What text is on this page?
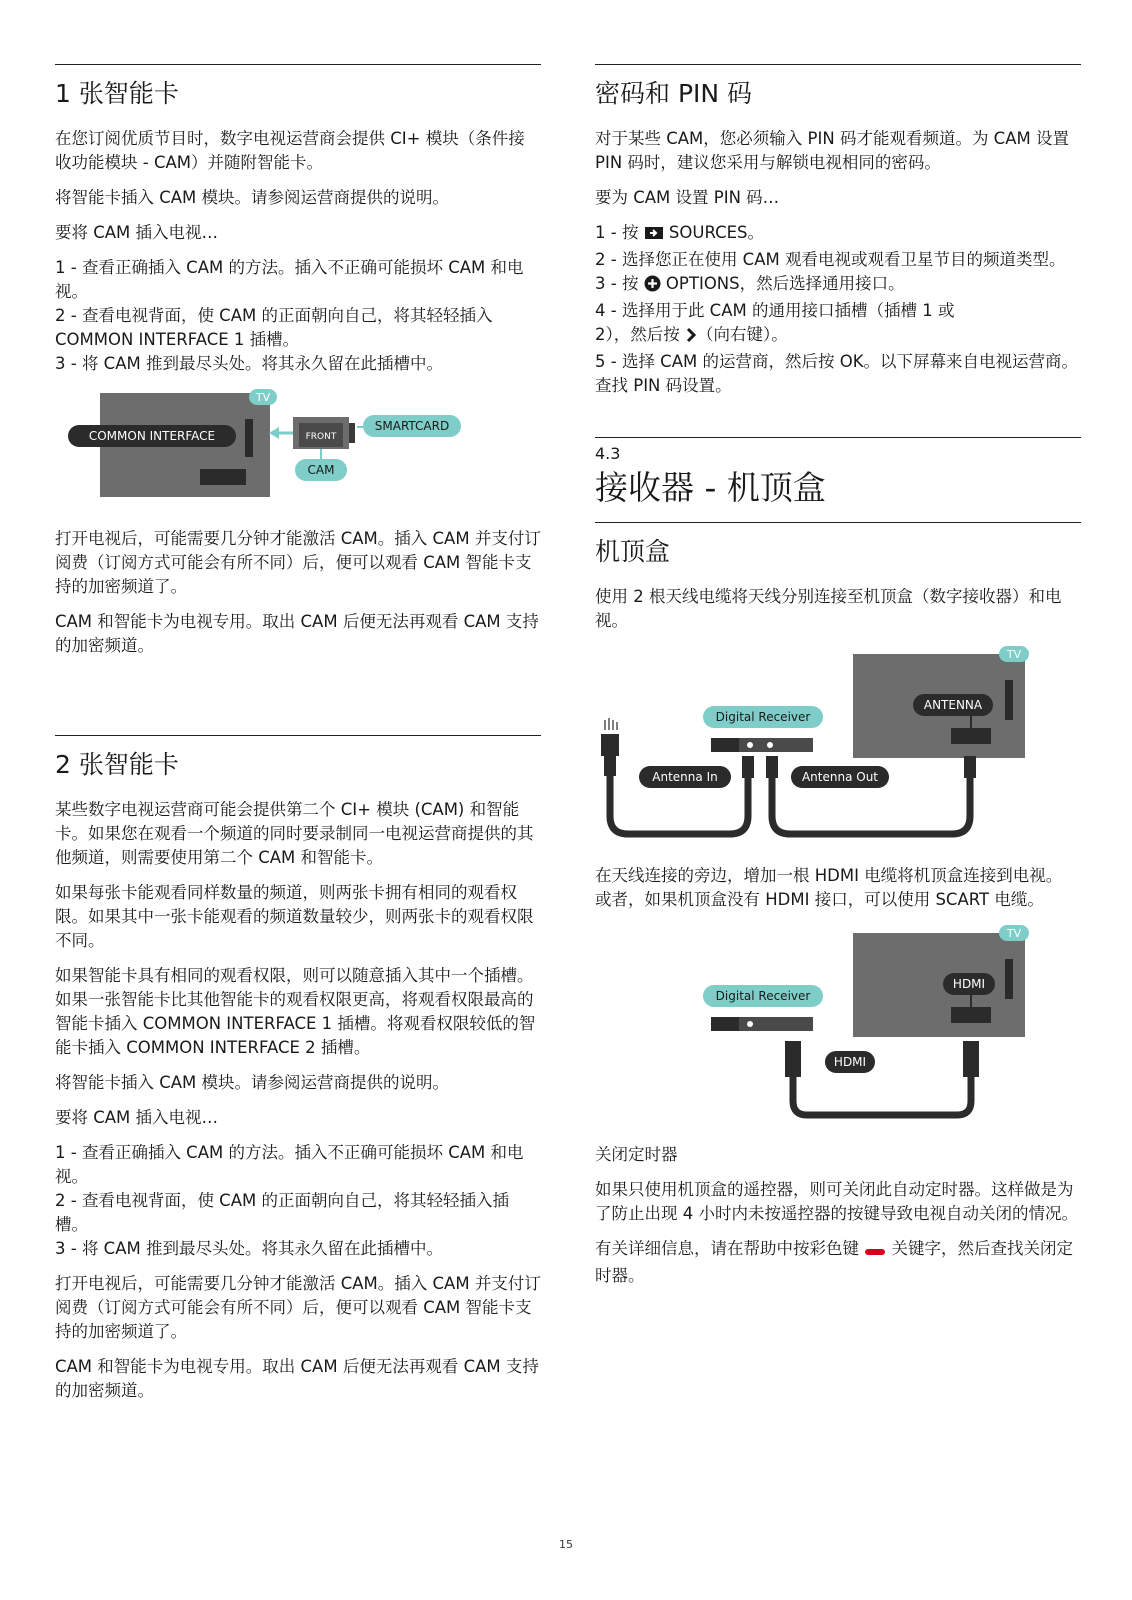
1 张智能卡

在您订阅优质节目时，数字电视运营商会提供 CI+ 模块（条件接收功能模块 - CAM）并随附智能卡。

将智能卡插入 CAM 模块。请参阅运营商提供的说明。

要将 CAM 插入电视…

1 - 查看正确插入 CAM 的方法。插入不正确可能损坏 CAM 和电视。

2 - 查看电视背面，使 CAM 的正面朝向自己，将其轻轻插入 COMMON INTERFACE 1 插槽。

3 - 将 CAM 推到最尽头处。将其永久留在此插槽中。

TV
COMMON INTERFACE	FRONT
SMARTCARD
CAM

打开电视后，可能需要几分钟才能激活 CAM。插入 CAM 并支付订阅费（订阅方式可能会有所不同）后，便可以观看 CAM 智能卡支持的加密频道了。

CAM 和智能卡为电视专用。取出 CAM 后便无法再观看 CAM 支持的加密频道。

2 张智能卡

某些数字电视运营商可能会提供第二个 CI+ 模块 (CAM) 和智能卡。如果您在观看一个频道的同时要录制同一电视运营商提供的其他频道，则需要使用第二个 CAM 和智能卡。

如果每张卡能观看同样数量的频道，则两张卡拥有相同的观看权限。如果其中一张卡能观看的频道数量较少，则两张卡的观看权限不同。

如果智能卡具有相同的观看权限，则可以随意插入其中一个插槽。如果一张智能卡比其他智能卡的观看权限更高，将观看权限最高的智能卡插入 COMMON INTERFACE 1 插槽。将观看权限较低的智能卡插入 COMMON INTERFACE 2 插槽。

将智能卡插入 CAM 模块。请参阅运营商提供的说明。

要将 CAM 插入电视…

1 - 查看正确插入 CAM 的方法。插入不正确可能损坏 CAM 和电视。

2 - 查看电视背面，使 CAM 的正面朝向自己，将其轻轻插入插槽。

3 - 将 CAM 推到最尽头处。将其永久留在此插槽中。

打开电视后，可能需要几分钟才能激活 CAM。插入 CAM 并支付订阅费（订阅方式可能会有所不同）后，便可以观看 CAM 智能卡支持的加密频道了。

CAM 和智能卡为电视专用。取出 CAM 后便无法再观看 CAM 支持的加密频道。

密码和 PIN 码

对于某些 CAM，您必须输入 PIN 码才能观看频道。为 CAM 设置 PIN 码时，建议您采用与解锁电视相同的密码。

要为 CAM 设置 PIN 码…

1 - 按  SOURCES。

2 - 选择您正在使用 CAM 观看电视或观看卫星节目的频道类型。

3 - 按  OPTIONS，然后选择通用接口。

4 - 选择用于此 CAM 的通用接口插槽（插槽 1 或

2），然后按 （向右键）。

5 - 选择 CAM 的运营商，然后按 OK。以下屏幕来自电视运营商。查找 PIN 码设置。

4.3
接收器 - 机顶盒
机顶盒

使用 2 根天线电缆将天线分别连接至机顶盒（数字接收器）和电视。

TV
ANTENNA
Digital Receiver
Antenna In	Antenna Out

在天线连接的旁边，增加一根 HDMI 电缆将机顶盒连接到电视。

或者，如果机顶盒没有 HDMI 接口，可以使用 SCART 电缆。

TV
HDMI
Digital Receiver
HDMI

关闭定时器

如果只使用机顶盒的遥控器，则可关闭此自动定时器。这样做是为了防止出现 4 小时内未按遥控器的按键导致电视自动关闭的情况。

有关详细信息，请在帮助中按彩色键  关键字，然后查找关闭定时器。

15
